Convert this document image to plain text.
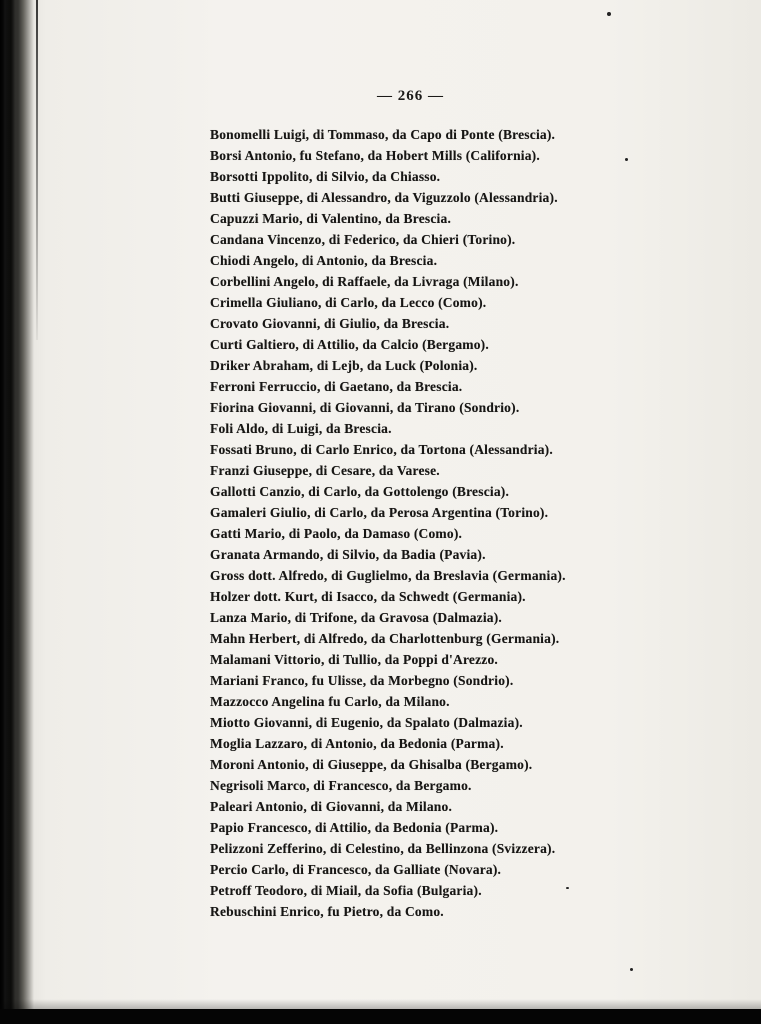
— 266 —
Bonomelli Luigi, di Tommaso, da Capo di Ponte (Brescia).
Borsi Antonio, fu Stefano, da Hobert Mills (California).
Borsotti Ippolito, di Silvio, da Chiasso.
Butti Giuseppe, di Alessandro, da Viguzzolo (Alessandria).
Capuzzi Mario, di Valentino, da Brescia.
Candana Vincenzo, di Federico, da Chieri (Torino).
Chiodi Angelo, di Antonio, da Brescia.
Corbellini Angelo, di Raffaele, da Livraga (Milano).
Crimella Giuliano, di Carlo, da Lecco (Como).
Crovato Giovanni, di Giulio, da Brescia.
Curti Galtiero, di Attilio, da Calcio (Bergamo).
Driker Abraham, di Lejb, da Luck (Polonia).
Ferroni Ferruccio, di Gaetano, da Brescia.
Fiorina Giovanni, di Giovanni, da Tirano (Sondrio).
Foli Aldo, di Luigi, da Brescia.
Fossati Bruno, di Carlo Enrico, da Tortona (Alessandria).
Franzi Giuseppe, di Cesare, da Varese.
Gallotti Canzio, di Carlo, da Gottolengo (Brescia).
Gamaleri Giulio, di Carlo, da Perosa Argentina (Torino).
Gatti Mario, di Paolo, da Damaso (Como).
Granata Armando, di Silvio, da Badia (Pavia).
Gross dott. Alfredo, di Guglielmo, da Breslavia (Germania).
Holzer dott. Kurt, di Isacco, da Schwedt (Germania).
Lanza Mario, di Trifone, da Gravosa (Dalmazia).
Mahn Herbert, di Alfredo, da Charlottenburg (Germania).
Malamani Vittorio, di Tullio, da Poppi d'Arezzo.
Mariani Franco, fu Ulisse, da Morbegno (Sondrio).
Mazzocco Angelina fu Carlo, da Milano.
Miotto Giovanni, di Eugenio, da Spalato (Dalmazia).
Moglia Lazzaro, di Antonio, da Bedonia (Parma).
Moroni Antonio, di Giuseppe, da Ghisalba (Bergamo).
Negrisoli Marco, di Francesco, da Bergamo.
Paleari Antonio, di Giovanni, da Milano.
Papio Francesco, di Attilio, da Bedonia (Parma).
Pelizzoni Zefferino, di Celestino, da Bellinzona (Svizzera).
Percio Carlo, di Francesco, da Galliate (Novara).
Petroff Teodoro, di Miail, da Sofia (Bulgaria).
Rebuschini Enrico, fu Pietro, da Como.
